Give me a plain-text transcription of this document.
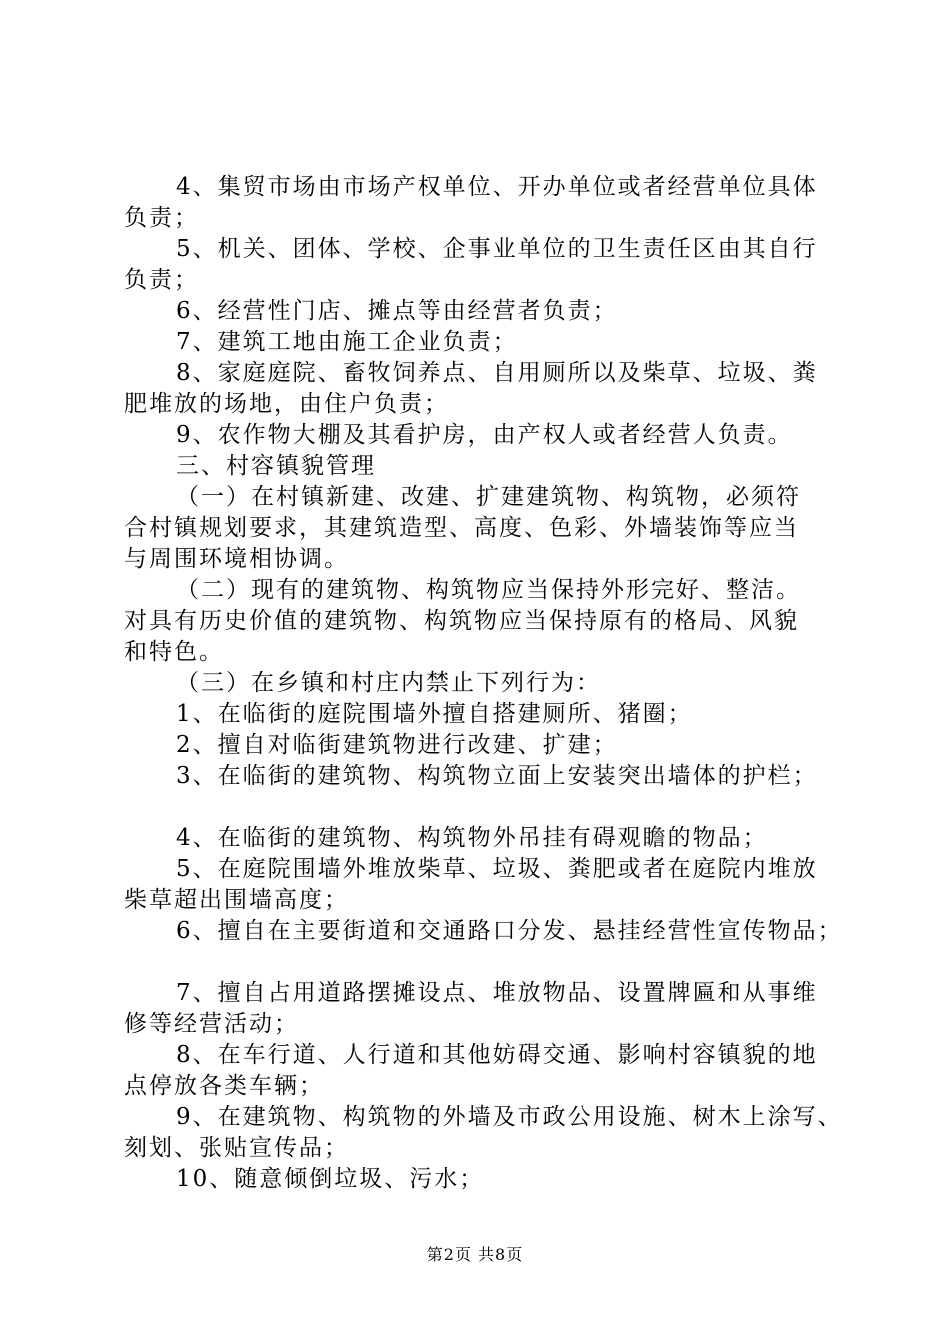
4、集贸市场由市场产权单位、开办单位或者经营单位具体

负责；

5、机关、团体、学校、企事业单位的卫生责任区由其自行

负责；

6、经营性门店、摊点等由经营者负责；

7、建筑工地由施工企业负责；

8、家庭庭院、畜牧饲养点、自用厕所以及柴草、垃圾、粪

肥堆放的场地，由住户负责；

9、农作物大棚及其看护房，由产权人或者经营人负责。

三、村容镇貌管理

（一）在村镇新建、改建、扩建建筑物、构筑物，必须符

合村镇规划要求，其建筑造型、高度、色彩、外墙装饰等应当

与周围环境相协调。

（二）现有的建筑物、构筑物应当保持外形完好、整洁。

对具有历史价值的建筑物、构筑物应当保持原有的格局、风貌

和特色。

（三）在乡镇和村庄内禁止下列行为：

1、在临街的庭院围墙外擅自搭建厕所、猪圈；

2、擅自对临街建筑物进行改建、扩建；

3、在临街的建筑物、构筑物立面上安装突出墙体的护栏；

4、在临街的建筑物、构筑物外吊挂有碍观瞻的物品；

5、在庭院围墙外堆放柴草、垃圾、粪肥或者在庭院内堆放

柴草超出围墙高度；

6、擅自在主要街道和交通路口分发、悬挂经营性宣传物品；

7、擅自占用道路摆摊设点、堆放物品、设置牌匾和从事维

修等经营活动；

8、在车行道、人行道和其他妨碍交通、影响村容镇貌的地

点停放各类车辆；

9、在建筑物、构筑物的外墙及市政公用设施、树木上涂写、

刻划、张贴宣传品；

10、随意倾倒垃圾、污水；

第2页 共8页
